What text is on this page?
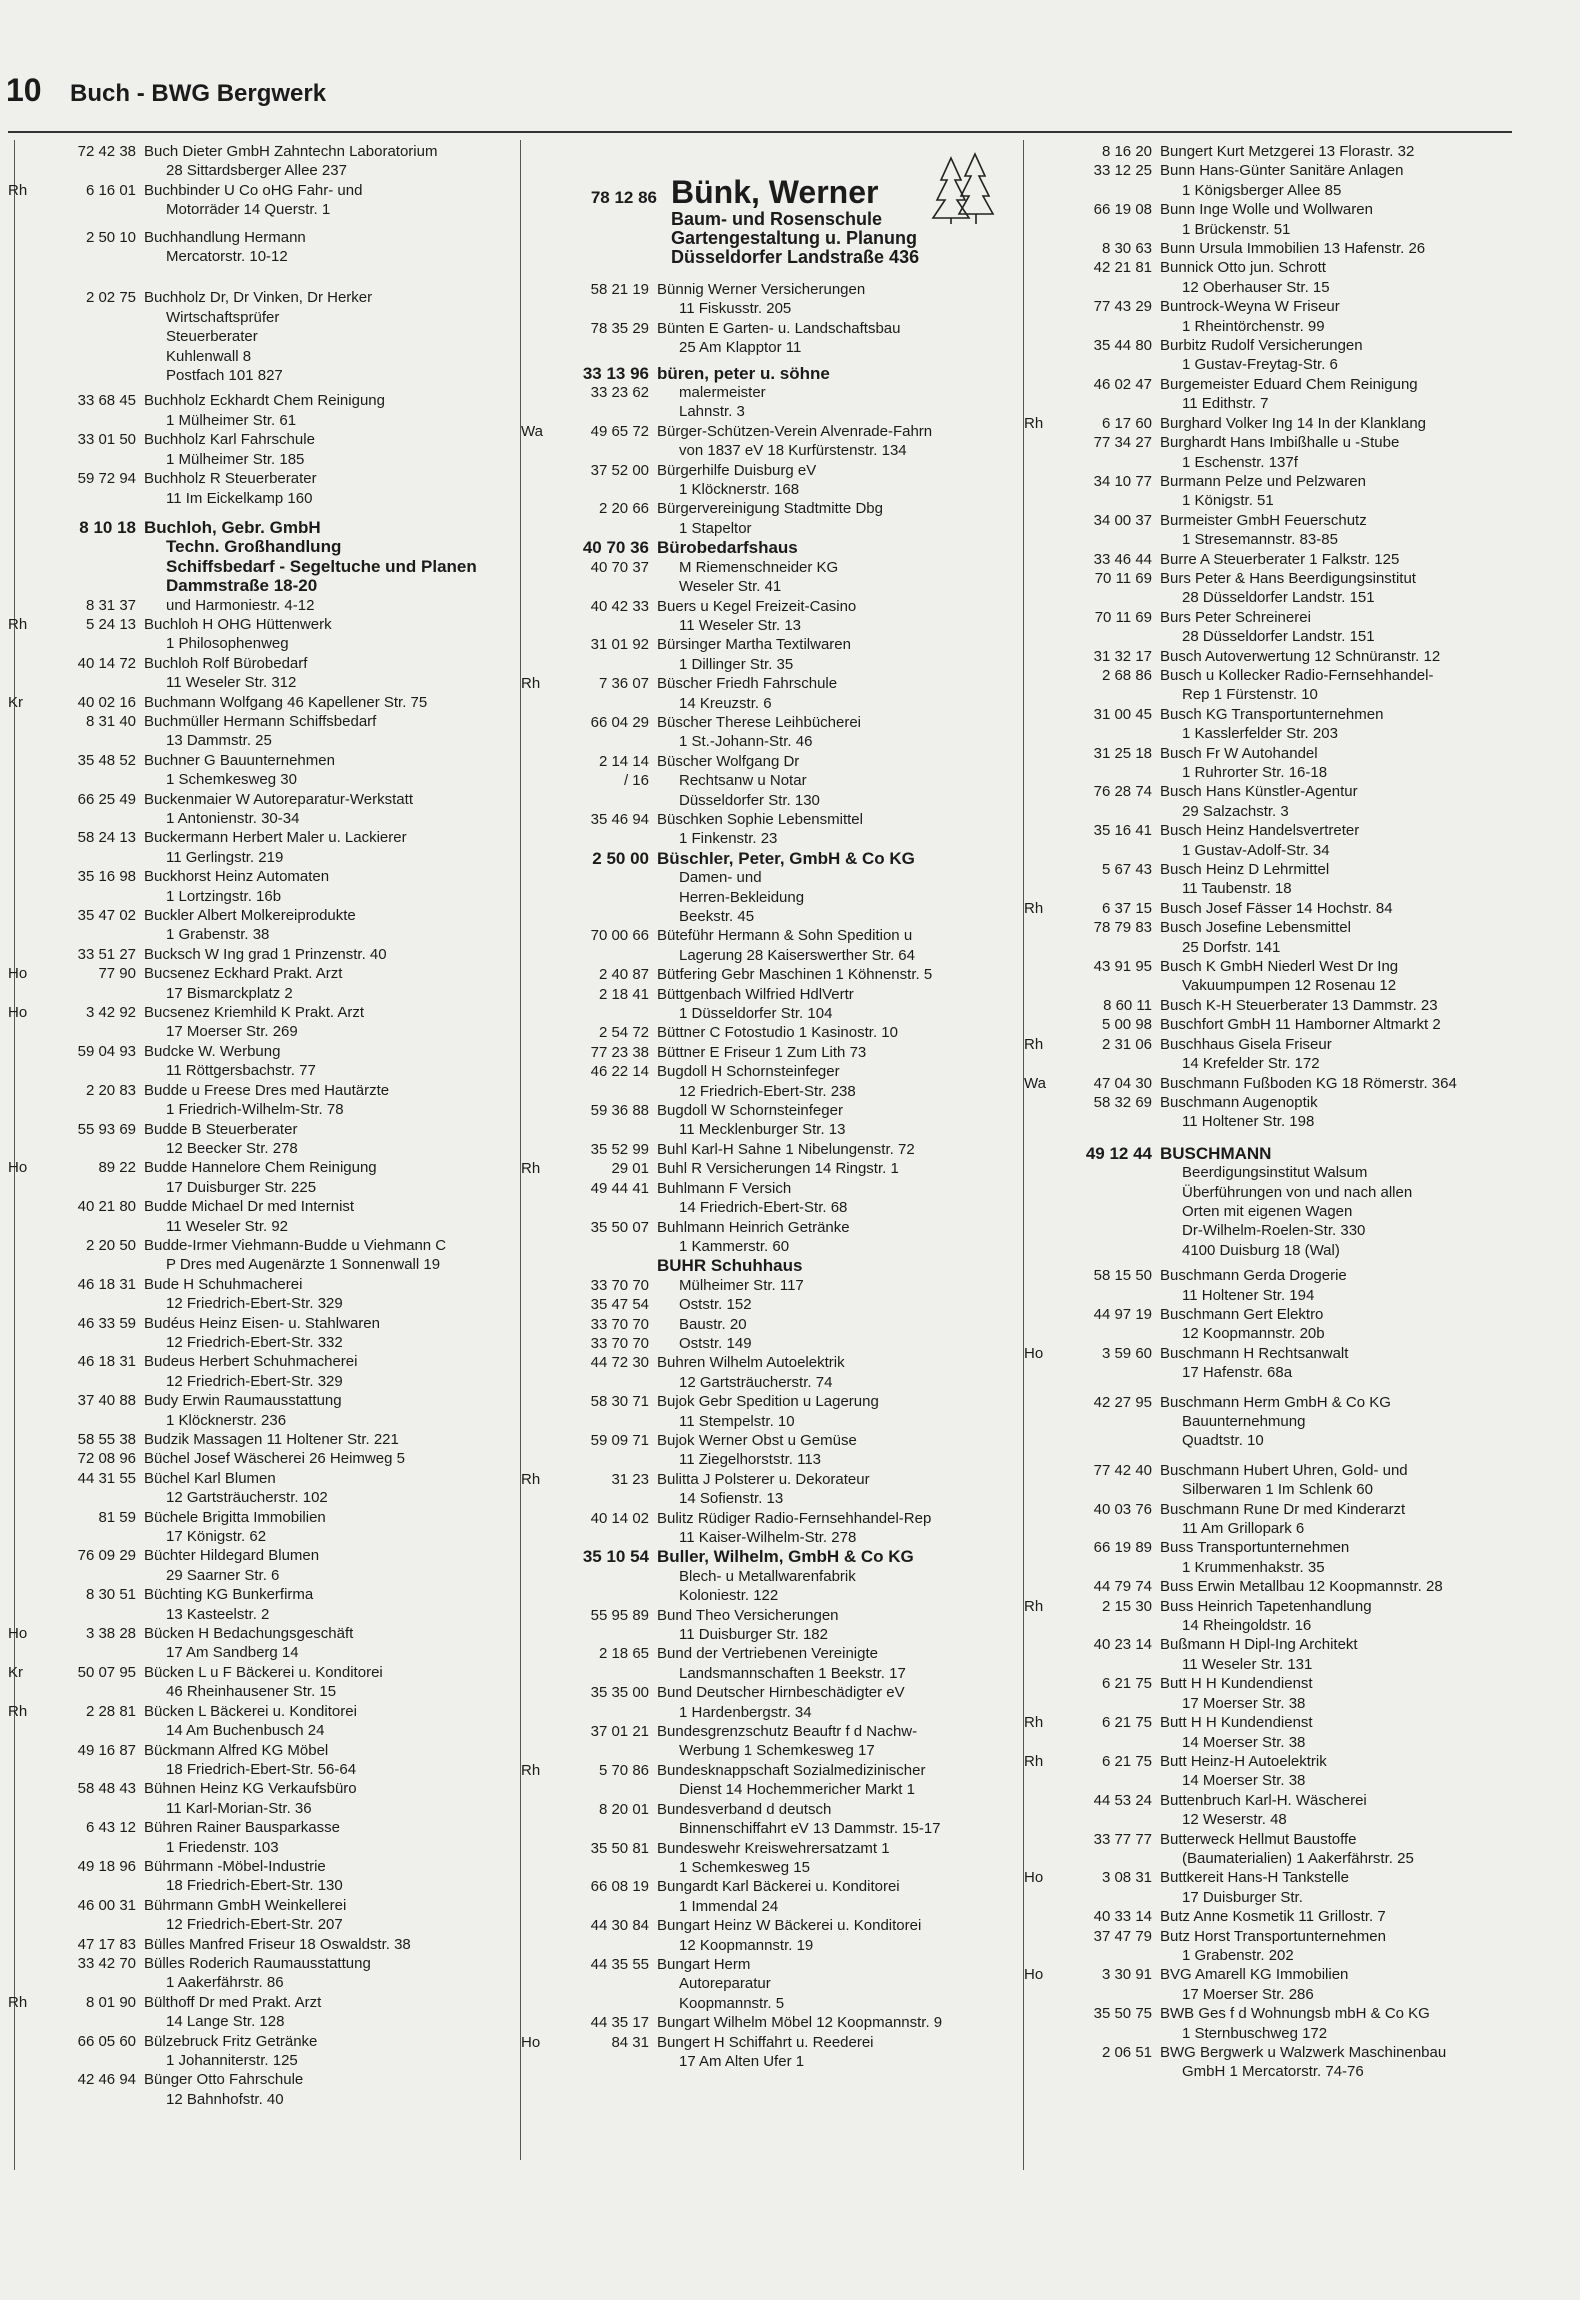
10 Buch - BWG Bergwerk
72 42 38 Buch Dieter GmbH Zahntechn Laboratorium
28 Sittardsberger Allee 237
Rh	6 16 01 Buchbinder U Co oHG Fahr- und
Motorräder 14 Querstr. 1
2 50 10 Buchhandlung Hermann
Mercatorstr. 10-12
2 02 75 Buchholz Dr, Dr Vinken, Dr Herker
Wirtschaftsprüfer
Steuerberater
Kuhlenwall 8
Postfach 101 827
33 68 45 Buchholz Eckhardt Chem Reinigung
1 Mülheimer Str. 61
33 01 50 Buchholz Karl Fahrschule
1 Mülheimer Str. 185
59 72 94 Buchholz R Steuerberater
11 Im Eickelkamp 160
8 10 18 Buchloh, Gebr. GmbH
Techn. Großhandlung
Schiffsbedarf - Segeltuche und Planen
Dammstraße 18-20
8 31 37	und Harmoniestr. 4-12
Rh	5 24 13 Buchloh H OHG Hüttenwerk
1 Philosophenweg
40 14 72 Buchloh Rolf Bürobedarf
11 Weseler Str. 312
Kr	40 02 16 Buchmann Wolfgang 46 Kapellener Str. 75
8 31 40 Buchmüller Hermann Schiffsbedarf
13 Dammstr. 25
35 48 52 Buchner G Bauunternehmen
1 Schemkesweg 30
66 25 49 Buckenmaier W Autoreparatur-Werkstatt
1 Antonienstr. 30-34
58 24 13 Buckermann Herbert Maler u. Lackierer
11 Gerlingstr. 219
35 16 98 Buckhorst Heinz Automaten
1 Lortzingstr. 16b
35 47 02 Buckler Albert Molkereiprodukte
1 Grabenstr. 38
33 51 27 Bucksch W Ing grad 1 Prinzenstr. 40
Ho	77 90 Bucsenez Eckhard Prakt. Arzt
17 Bismarckplatz 2
Ho	3 42 92 Bucsenez Kriemhild K Prakt. Arzt
17 Moerser Str. 269
59 04 93 Budcke W. Werbung
11 Röttgersbachstr. 77
2 20 83 Budde u Freese Dres med Hautärzte
1 Friedrich-Wilhelm-Str. 78
55 93 69 Budde B Steuerberater
12 Beecker Str. 278
Ho	89 22 Budde Hannelore Chem Reinigung
17 Duisburger Str. 225
40 21 80 Budde Michael Dr med Internist
11 Weseler Str. 92
2 20 50 Budde-Irmer Viehmann-Budde u Viehmann C
P Dres med Augenärzte 1 Sonnenwall 19
46 18 31 Bude H Schuhmacherei
12 Friedrich-Ebert-Str. 329
46 33 59 Budéus Heinz Eisen- u. Stahlwaren
12 Friedrich-Ebert-Str. 332
46 18 31 Budeus Herbert Schuhmacherei
12 Friedrich-Ebert-Str. 329
37 40 88 Budy Erwin Raumausstattung
1 Klöcknerstr. 236
58 55 38 Budzik Massagen 11 Holtener Str. 221
72 08 96 Büchel Josef Wäscherei 26 Heimweg 5
44 31 55 Büchel Karl Blumen
12 Gartsträucherstr. 102
81 59 Büchele Brigitta Immobilien
17 Königstr. 62
76 09 29 Büchter Hildegard Blumen
29 Saarner Str. 6
8 30 51 Büchting KG Bunkerfirma
13 Kasteelstr. 2
Ho	3 38 28 Bücken H Bedachungsgeschäft
17 Am Sandberg 14
Kr	50 07 95 Bücken L u F Bäckerei u. Konditorei
46 Rheinhausener Str. 15
Rh	2 28 81 Bücken L Bäckerei u. Konditorei
14 Am Buchenbusch 24
49 16 87 Bückmann Alfred KG Möbel
18 Friedrich-Ebert-Str. 56-64
58 48 43 Bühnen Heinz KG Verkaufsbüro
11 Karl-Morian-Str. 36
6 43 12 Bühren Rainer Bausparkasse
1 Friedenstr. 103
49 18 96 Bührmann -Möbel-Industrie
18 Friedrich-Ebert-Str. 130
46 00 31 Bührmann GmbH Weinkellerei
12 Friedrich-Ebert-Str. 207
47 17 83 Bülles Manfred Friseur 18 Oswaldstr. 38
33 42 70 Bülles Roderich Raumausstattung
1 Aakerfährstr. 86
Rh	8 01 90 Bülthoff Dr med Prakt. Arzt
14 Lange Str. 128
66 05 60 Bülzebruck Fritz Getränke
1 Johanniterstr. 125
42 46 94 Bünger Otto Fahrschule
12 Bahnhofstr. 40
78 12 86 Bünk, Werner
Baum- und Rosenschule
Gartengestaltung u. Planung
Düsseldorfer Landstraße 436
58 21 19 Bünnig Werner Versicherungen
11 Fiskusstr. 205
78 35 29 Bünten E Garten- u. Landschaftsbau
25 Am Klapptor 11
33 13 96 büren, peter u. söhne
33 23 62	malermeister
Lahnstr. 3
Wa	49 65 72 Bürger-Schützen-Verein Alvenrade-Fahrn
von 1837 eV 18 Kurfürstenstr. 134
37 52 00 Bürgerhilfe Duisburg eV
1 Klöcknerstr. 168
2 20 66 Bürgervereinigung Stadtmitte Dbg
1 Stapeltor
40 70 36 Bürobedarfshaus
40 70 37	M Riemenschneider KG
Weseler Str. 41
40 42 33 Buers u Kegel Freizeit-Casino
11 Weseler Str. 13
31 01 92 Bürsinger Martha Textilwaren
1 Dillinger Str. 35
Rh	7 36 07 Büscher Friedh Fahrschule
14 Kreuzstr. 6
66 04 29 Büscher Therese Leihbücherei
1 St.-Johann-Str. 46
2 14 14 Büscher Wolfgang Dr
/ 16	Rechtsanw u Notar
Düsseldorfer Str. 130
35 46 94 Büschken Sophie Lebensmittel
1 Finkenstr. 23
2 50 00 Büschler, Peter, GmbH & Co KG
Damen- und
Herren-Bekleidung
Beekstr. 45
70 00 66 Büteführ Hermann & Sohn Spedition u
Lagerung 28 Kaiserswerther Str. 64
2 40 87 Bütfering Gebr Maschinen 1 Köhnenstr. 5
2 18 41 Büttgenbach Wilfried HdlVertr
1 Düsseldorfer Str. 104
2 54 72 Büttner C Fotostudio 1 Kasinostr. 10
77 23 38 Büttner E Friseur 1 Zum Lith 73
46 22 14 Bugdoll H Schornsteinfeger
12 Friedrich-Ebert-Str. 238
59 36 88 Bugdoll W Schornsteinfeger
11 Mecklenburger Str. 13
35 52 99 Buhl Karl-H Sahne 1 Nibelungenstr. 72
Rh	29 01 Buhl R Versicherungen 14 Ringstr. 1
49 44 41 Buhlmann F Versich
14 Friedrich-Ebert-Str. 68
35 50 07 Buhlmann Heinrich Getränke
1 Kammerstr. 60
BUHR Schuhhaus
33 70 70	Mülheimer Str. 117
35 47 54	Oststr. 152
33 70 70	Baustr. 20
33 70 70	Oststr. 149
44 72 30 Buhren Wilhelm Autoelektrik
12 Gartsträucherstr. 74
58 30 71 Bujok Gebr Spedition u Lagerung
11 Stempelstr. 10
59 09 71 Bujok Werner Obst u Gemüse
11 Ziegelhorststr. 113
Rh	31 23 Bulitta J Polsterer u. Dekorateur
14 Sofienstr. 13
40 14 02 Bulitz Rüdiger Radio-Fernsehhandel-Rep
11 Kaiser-Wilhelm-Str. 278
35 10 54 Buller, Wilhelm, GmbH & Co KG
Blech- u Metallwarenfabrik
Koloniestr. 122
55 95 89 Bund Theo Versicherungen
11 Duisburger Str. 182
2 18 65 Bund der Vertriebenen Vereinigte
Landsmannschaften 1 Beekstr. 17
35 35 00 Bund Deutscher Hirnbeschädigter eV
1 Hardenbergstr. 34
37 01 21 Bundesgrenzschutz Beauftr f d Nachw-
Werbung 1 Schemkesweg 17
Rh	5 70 86 Bundesknappschaft Sozialmedizinischer
Dienst 14 Hochemmericher Markt 1
8 20 01 Bundesverband d deutsch
Binnenschiffahrt eV 13 Dammstr. 15-17
35 50 81 Bundeswehr Kreiswehrersatzamt 1
1 Schemkesweg 15
66 08 19 Bungardt Karl Bäckerei u. Konditorei
1 Immendal 24
44 30 84 Bungart Heinz W Bäckerei u. Konditorei
12 Koopmannstr. 19
44 35 55 Bungart Herm
Autoreparatur
Koopmannstr. 5
44 35 17 Bungart Wilhelm Möbel 12 Koopmannstr. 9
Ho	84 31 Bungert H Schiffahrt u. Reederei
17 Am Alten Ufer 1
8 16 20 Bungert Kurt Metzgerei 13 Florastr. 32
33 12 25 Bunn Hans-Günter Sanitäre Anlagen
1 Königsberger Allee 85
66 19 08 Bunn Inge Wolle und Wollwaren
1 Brückenstr. 51
8 30 63 Bunn Ursula Immobilien 13 Hafenstr. 26
42 21 81 Bunnick Otto jun. Schrott
12 Oberhauser Str. 15
77 43 29 Buntrock-Weyna W Friseur
1 Rheintörchenstr. 99
35 44 80 Burbitz Rudolf Versicherungen
1 Gustav-Freytag-Str. 6
46 02 47 Burgemeister Eduard Chem Reinigung
11 Edithstr. 7
Rh	6 17 60 Burghard Volker Ing 14 In der Klanklang
77 34 27 Burghardt Hans Imbißhalle u -Stube
1 Eschenstr. 137f
34 10 77 Burmann Pelze und Pelzwaren
1 Königstr. 51
34 00 37 Burmeister GmbH Feuerschutz
1 Stresemannstr. 83-85
33 46 44 Burre A Steuerberater 1 Falkstr. 125
70 11 69 Burs Peter & Hans Beerdigungsinstitut
28 Düsseldorfer Landstr. 151
70 11 69 Burs Peter Schreinerei
28 Düsseldorfer Landstr. 151
31 32 17 Busch Autoverwertung 12 Schnüranstr. 12
2 68 86 Busch u Kollecker Radio-Fernsehhandel-
Rep 1 Fürstenstr. 10
31 00 45 Busch KG Transportunternehmen
1 Kasslerfelder Str. 203
31 25 18 Busch Fr W Autohandel
1 Ruhrorter Str. 16-18
76 28 74 Busch Hans Künstler-Agentur
29 Salzachstr. 3
35 16 41 Busch Heinz Handelsvertreter
1 Gustav-Adolf-Str. 34
5 67 43 Busch Heinz D Lehrmittel
11 Taubenstr. 18
Rh	6 37 15 Busch Josef Fässer 14 Hochstr. 84
78 79 83 Busch Josefine Lebensmittel
25 Dorfstr. 141
43 91 95 Busch K GmbH Niederl West Dr Ing
Vakuumpumpen 12 Rosenau 12
8 60 11 Busch K-H Steuerberater 13 Dammstr. 23
5 00 98 Buschfort GmbH 11 Hamborner Altmarkt 2
Rh	2 31 06 Buschhaus Gisela Friseur
14 Krefelder Str. 172
Wa	47 04 30 Buschmann Fußboden KG 18 Römerstr. 364
58 32 69 Buschmann Augenoptik
11 Holtener Str. 198
49 12 44 BUSCHMANN
Beerdigungsinstitut Walsum
Überführungen von und nach allen
Orten mit eigenen Wagen
Dr-Wilhelm-Roelen-Str. 330
4100 Duisburg 18 (Wal)
58 15 50 Buschmann Gerda Drogerie
11 Holtener Str. 194
44 97 19 Buschmann Gert Elektro
12 Koopmannstr. 20b
Ho	3 59 60 Buschmann H Rechtsanwalt
17 Hafenstr. 68a
42 27 95 Buschmann Herm GmbH & Co KG
Bauunternehmung
Quadtstr. 10
77 42 40 Buschmann Hubert Uhren, Gold- und
Silberwaren 1 Im Schlenk 60
40 03 76 Buschmann Rune Dr med Kinderarzt
11 Am Grillopark 6
66 19 89 Buss Transportunternehmen
1 Krummenhakstr. 35
44 79 74 Buss Erwin Metallbau 12 Koopmannstr. 28
Rh	2 15 30 Buss Heinrich Tapetenhandlung
14 Rheingoldstr. 16
40 23 14 Bußmann H Dipl-Ing Architekt
11 Weseler Str. 131
6 21 75 Butt H H Kundendienst
17 Moerser Str. 38
Rh	6 21 75 Butt H H Kundendienst
14 Moerser Str. 38
Rh	6 21 75 Butt Heinz-H Autoelektrik
14 Moerser Str. 38
44 53 24 Buttenbruch Karl-H. Wäscherei
12 Weserstr. 48
33 77 77 Butterweck Hellmut Baustoffe
(Baumaterialien) 1 Aakerfährstr. 25
Ho	3 08 31 Buttkereit Hans-H Tankstelle
17 Duisburger Str.
40 33 14 Butz Anne Kosmetik 11 Grillostr. 7
37 47 79 Butz Horst Transportunternehmen
1 Grabenstr. 202
Ho	3 30 91 BVG Amarell KG Immobilien
17 Moerser Str. 286
35 50 75 BWB Ges f d Wohnungsb mbH & Co KG
1 Sternbuschweg 172
2 06 51 BWG Bergwerk u Walzwerk Maschinenbau
GmbH 1 Mercatorstr. 74-76
